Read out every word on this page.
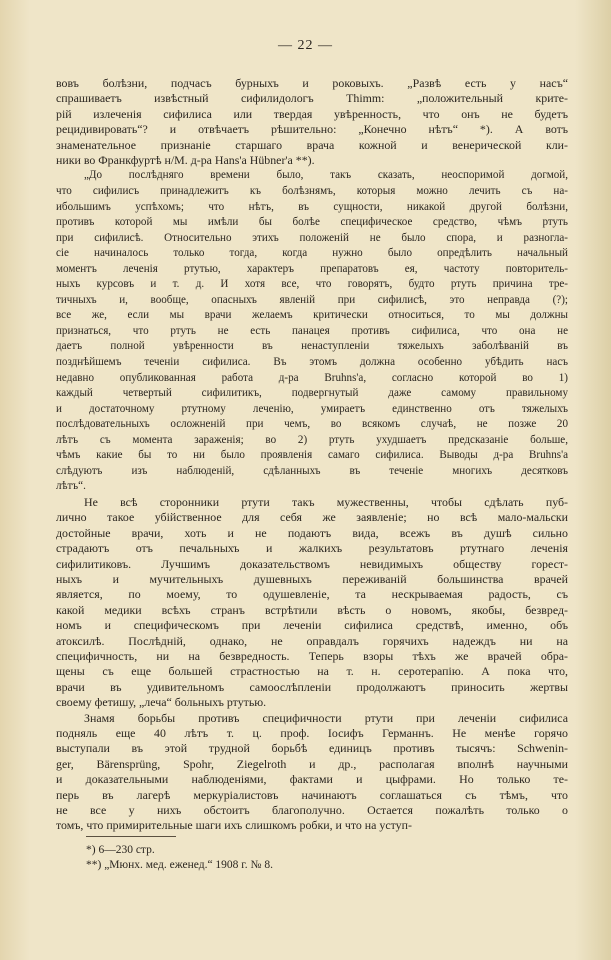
— 22 —

вовъ болѣзни, подчасъ бурныхъ и роковыхъ. „Развѣ есть у насъ“
спрашиваетъ извѣстный сифилидологъ Thimm: „положительный крите-
рій излеченія сифилиса или твердая увѣренность, что онъ не будетъ
рецидивировать“? и отвѣчаетъ рѣшительно: „Конечно нѣтъ“ *). А вотъ
знаменательное признаніе старшаго врача кожной и венерической кли-
ники во Франкфуртѣ н/М. д-ра Hans'a Hübner'a **).

„До послѣдняго времени было, такъ сказать, неоспоримой догмой,
что сифилисъ принадлежитъ къ болѣзнямъ, которыя можно лечить съ на-
ибольшимъ успѣхомъ; что нѣтъ, въ сущности, никакой другой болѣзни,
противъ которой мы имѣли бы болѣе специфическое средство, чѣмъ ртуть
при сифилисѣ. Относительно этихъ положеній не было спора, и разногла-
сіе начиналось только тогда, когда нужно было опредѣлить начальный
моментъ леченія ртутью, характеръ препаратовъ ея, частоту повторитель-
ныхъ курсовъ и т. д. И хотя все, что говорятъ, будто ртуть причина тре-
тичныхъ и, вообще, опасныхъ явленій при сифилисѣ, это неправда (?);
все же, если мы врачи желаемъ критически относиться, то мы должны
признаться, что ртуть не есть панацея противъ сифилиса, что она не
даетъ полной увѣренности въ ненаступленіи тяжелыхъ заболѣваній въ
позднѣйшемъ теченіи сифилиса. Въ этомъ должна особенно убѣдить насъ
недавно опубликованная работа д-ра Bruhns'a, согласно которой во 1)
каждый четвертый сифилитикъ, подвергнутый даже самому правильному
и достаточному ртутному леченію, умираетъ единственно отъ тяжелыхъ
послѣдовательныхъ осложненій при чемъ, во всякомъ случаѣ, не позже 20
лѣтъ съ момента зараженія; во 2) ртуть ухудшаетъ предсказаніе больше,
чѣмъ какие бы то ни было проявленія самаго сифилиса. Выводы д-ра Bruhns'a
слѣдуютъ изъ наблюденій, сдѣланныхъ въ теченіе многихъ десятковъ
лѣтъ“.

Не всѣ сторонники ртути такъ мужественны, чтобы сдѣлать пуб-
лично такое убійственное для себя же заявленіе; но всѣ мало-мальски
достойные врачи, хоть и не подаютъ вида, всежъ въ душѣ сильно
страдаютъ отъ печальныхъ и жалкихъ результатовъ ртутнаго леченія
сифилитиковъ. Лучшимъ доказательствомъ невидимыхъ обществу горест-
ныхъ и мучительныхъ душевныхъ переживаній большинства врачей
является, по моему, то одушевленіе, та нескрываемая радость, съ
какой медики всѣхъ странъ встрѣтили вѣсть о новомъ, якобы, безвред-
номъ и специфическомъ при леченіи сифилиса средствѣ, именно, объ
атоксилѣ. Послѣдній, однако, не оправдалъ горячихъ надеждъ ни на
специфичность, ни на безвредность. Теперь взоры тѣхъ же врачей обра-
щены съ еще большей страстностью на т. н. серотерапію. А пока что,
врачи въ удивительномъ самоослѣпленіи продолжаютъ приносить жертвы
своему фетишу, „леча“ больныхъ ртутью.

Знамя борьбы противъ специфичности ртути при леченіи сифилиса
подняль еще 40 лѣтъ т. ц. проф. Іосифъ Германнъ. Не менѣе горячо
выступали въ этой трудной борьбѣ единицъ противъ тысячъ: Schwenin-
ger, Bärensprüng, Spohr, Ziegelroth и др., располагая вполнѣ научными
и доказательными наблюденіями, фактами и цыфрами. Но только те-
перь въ лагерѣ меркуріалистовъ начинаютъ соглашаться съ тѣмъ, что
не все у нихъ обстоитъ благополучно. Остается пожалѣть только о
томъ, что примирительные шаги ихъ слишкомъ робки, и что на уступ-

*) 6—230 стр.
**) „Мюнх. мед. еженед.“ 1908 г. № 8.
